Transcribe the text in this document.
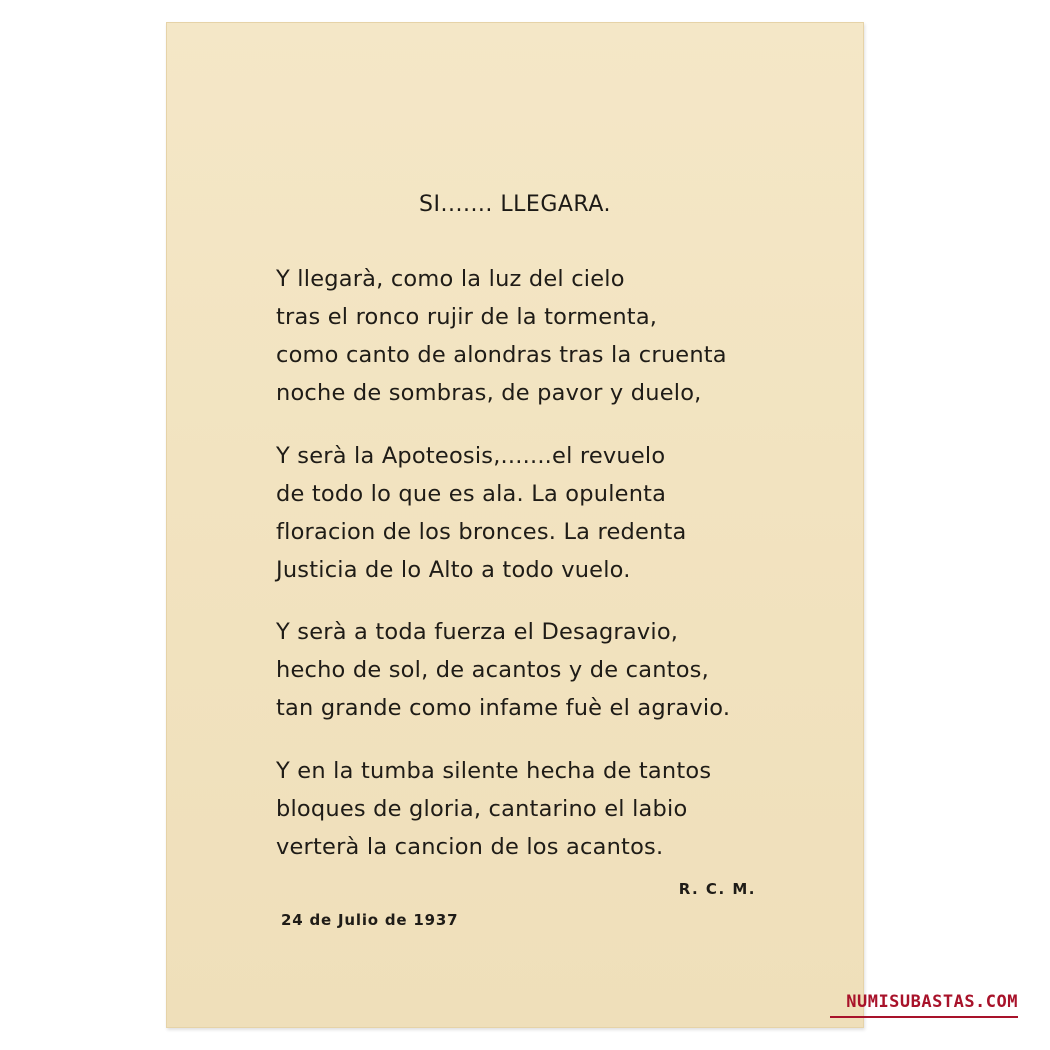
SI....... LLEGARA.
Y llegarà, como la luz del cielo
tras el ronco rujir de la tormenta,
como canto de alondras tras la cruenta
noche de sombras, de pavor y duelo,
Y serà la Apoteosis,.......el revuelo
de todo lo que es ala. La opulenta
floracion de los bronces. La redenta
Justicia de lo Alto a todo vuelo.
Y serà a toda fuerza el Desagravio,
hecho de sol, de acantos y de cantos,
tan grande como infame fuè el agravio.
Y en la tumba silente hecha de tantos
bloques de gloria, cantarino el labio
verterà la cancion de los acantos.
R. C. M.
24 de Julio de 1937
NUMISUBASTAS.COM
